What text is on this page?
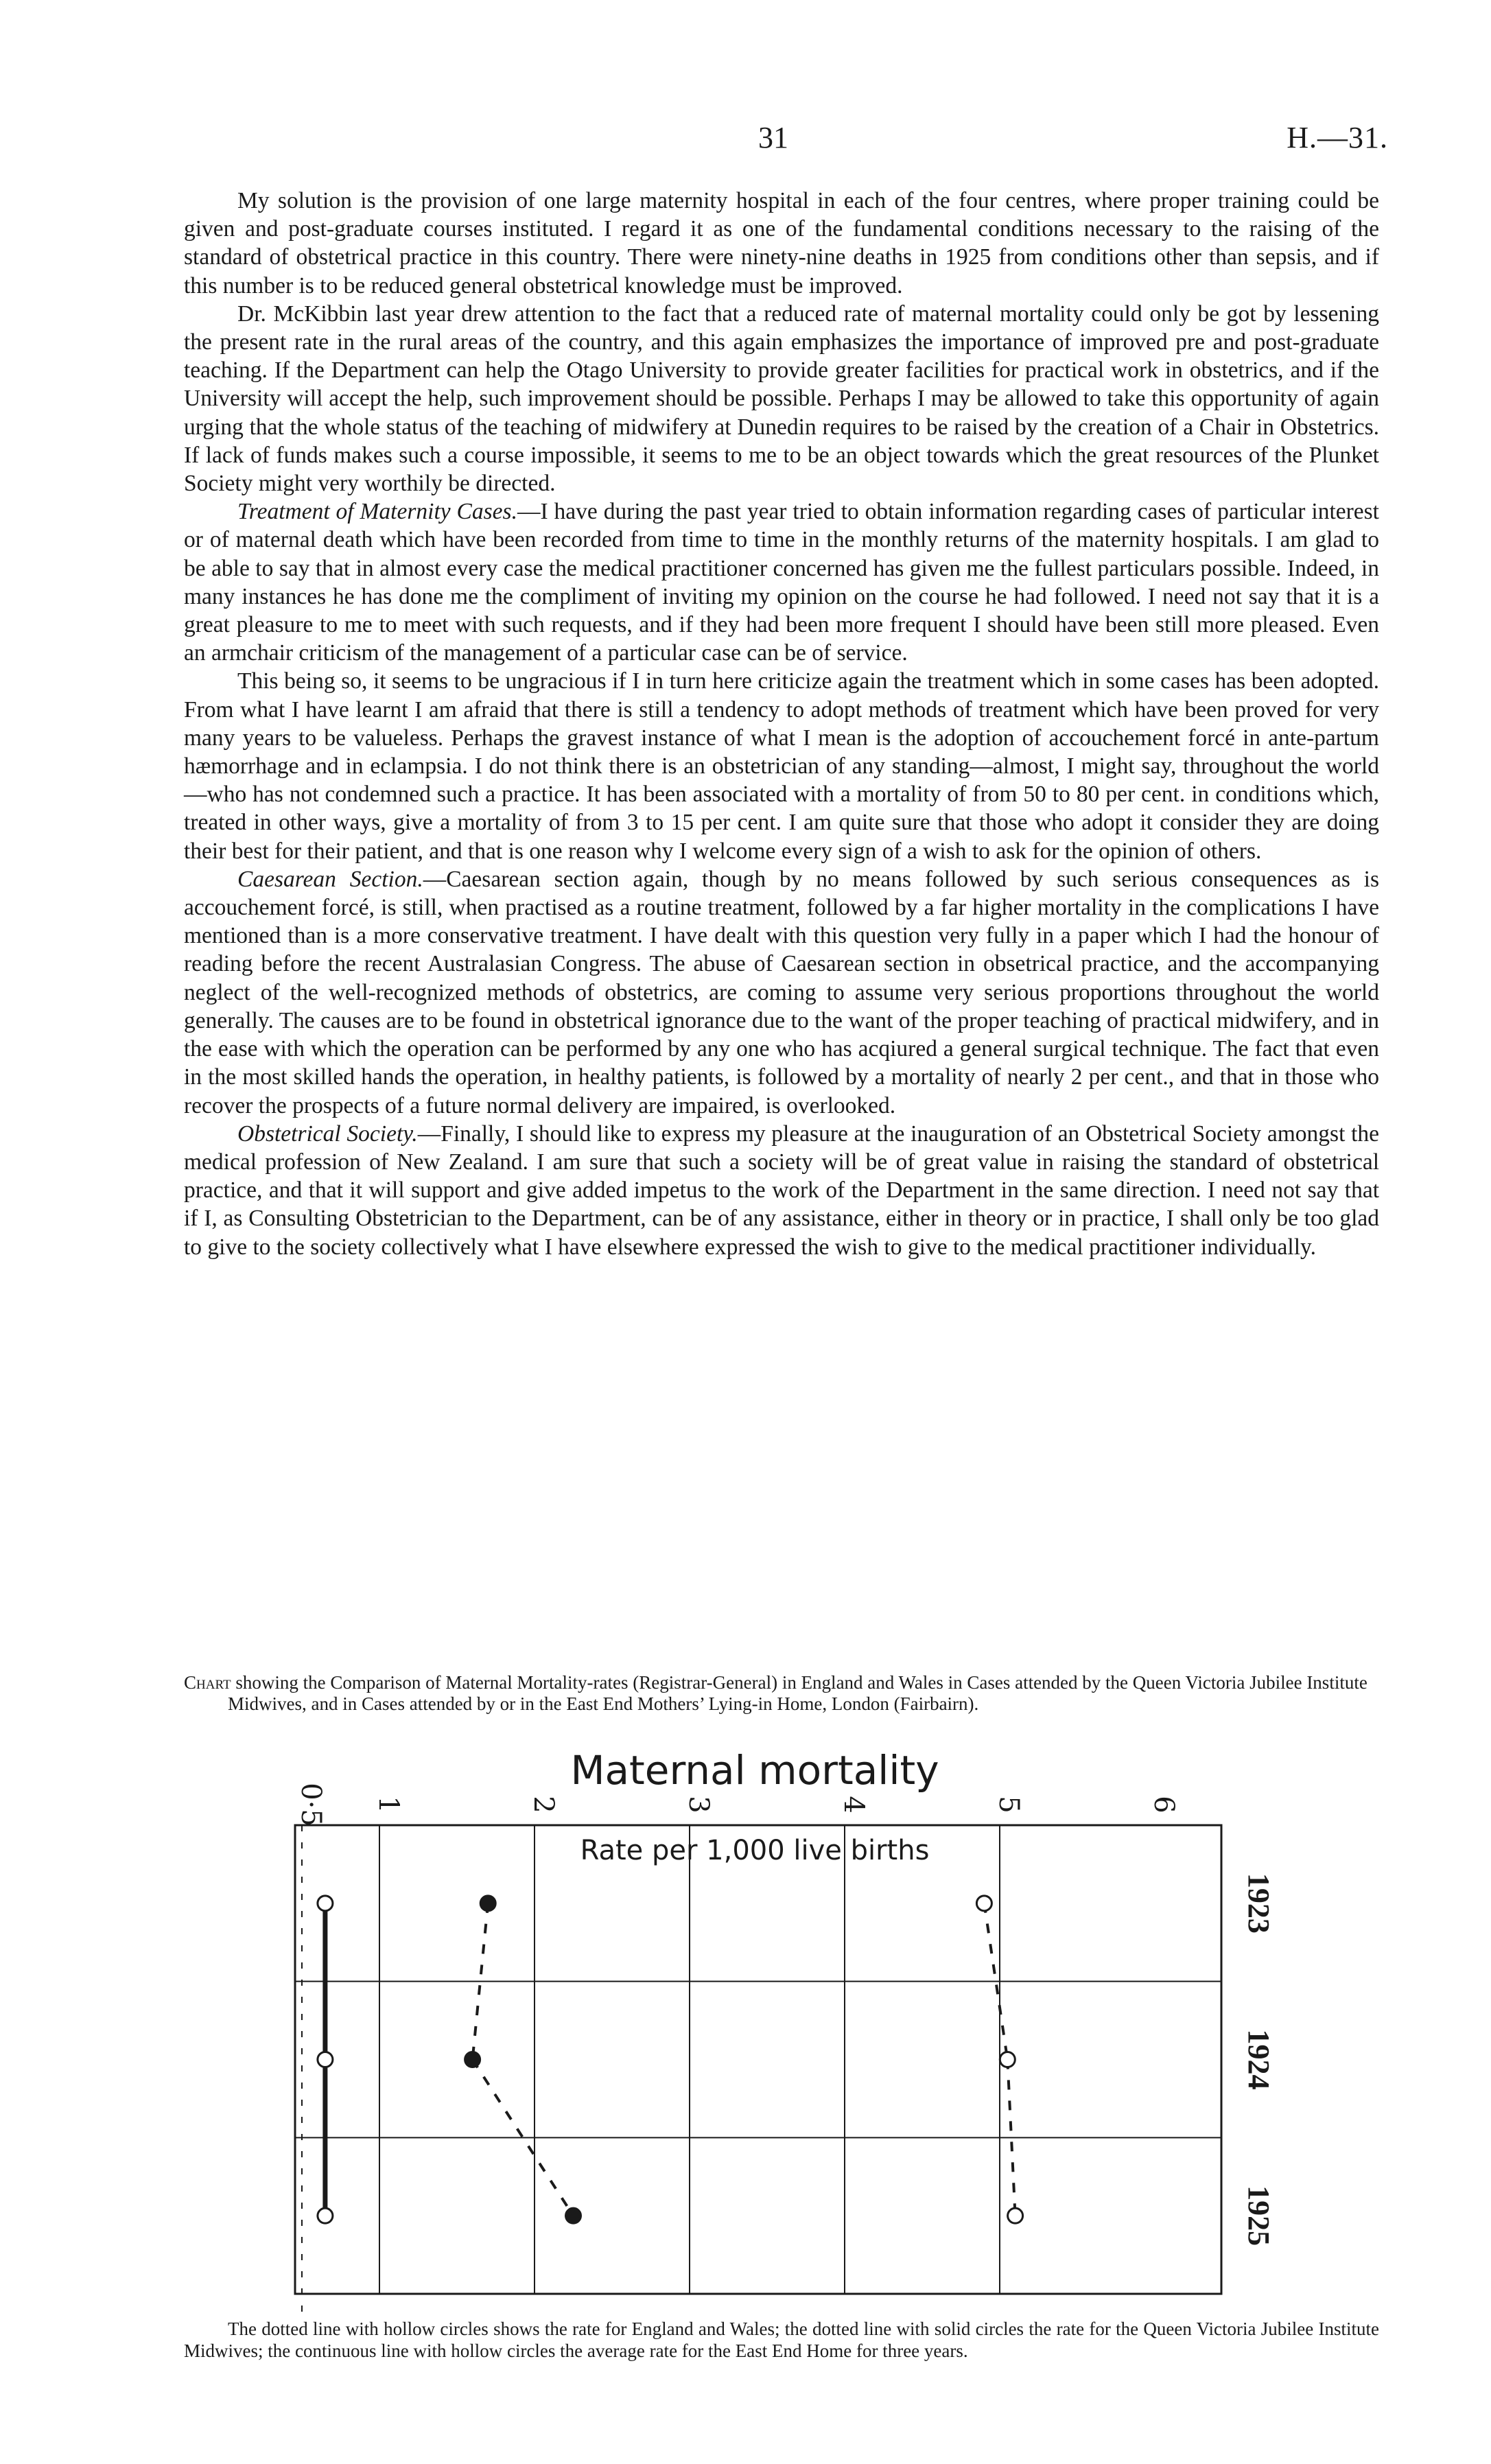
31	H.—31.

My solution is the provision of one large maternity hospital in each of the four centres, where proper training could be given and post-graduate courses instituted. I regard it as one of the fundamental conditions necessary to the raising of the standard of obstetrical practice in this country. There were ninety-nine deaths in 1925 from conditions other than sepsis, and if this number is to be reduced general obstetrical knowledge must be improved.

Dr. McKibbin last year drew attention to the fact that a reduced rate of maternal mortality could only be got by lessening the present rate in the rural areas of the country, and this again emphasizes the importance of improved pre and post-graduate teaching. If the Department can help the Otago University to provide greater facilities for practical work in obstetrics, and if the University will accept the help, such improvement should be possible. Perhaps I may be allowed to take this opportunity of again urging that the whole status of the teaching of midwifery at Dunedin requires to be raised by the creation of a Chair in Obstetrics. If lack of funds makes such a course impossible, it seems to me to be an object towards which the great resources of the Plunket Society might very worthily be directed.

Treatment of Maternity Cases.—I have during the past year tried to obtain information regarding cases of particular interest or of maternal death which have been recorded from time to time in the monthly returns of the maternity hospitals. I am glad to be able to say that in almost every case the medical practitioner concerned has given me the fullest particulars possible. Indeed, in many instances he has done me the compliment of inviting my opinion on the course he had followed. I need not say that it is a great pleasure to me to meet with such requests, and if they had been more frequent I should have been still more pleased. Even an armchair criticism of the management of a particular case can be of service.

This being so, it seems to be ungracious if I in turn here criticize again the treatment which in some cases has been adopted. From what I have learnt I am afraid that there is still a tendency to adopt methods of treatment which have been proved for very many years to be valueless. Perhaps the gravest instance of what I mean is the adoption of accouchement forcé in ante-partum hæmorrhage and in eclampsia. I do not think there is an obstetrician of any standing—almost, I might say, throughout the world—who has not condemned such a practice. It has been associated with a mortality of from 50 to 80 per cent. in conditions which, treated in other ways, give a mortality of from 3 to 15 per cent. I am quite sure that those who adopt it consider they are doing their best for their patient, and that is one reason why I welcome every sign of a wish to ask for the opinion of others.

Caesarean Section.—Caesarean section again, though by no means followed by such serious consequences as is accouchement forcé, is still, when practised as a routine treatment, followed by a far higher mortality in the complications I have mentioned than is a more conservative treatment. I have dealt with this question very fully in a paper which I had the honour of reading before the recent Australasian Congress. The abuse of Caesarean section in obsetrical practice, and the accompanying neglect of the well-recognized methods of obstetrics, are coming to assume very serious proportions throughout the world generally. The causes are to be found in obstetrical ignorance due to the want of the proper teaching of practical midwifery, and in the ease with which the operation can be performed by any one who has acqiured a general surgical technique. The fact that even in the most skilled hands the operation, in healthy patients, is followed by a mortality of nearly 2 per cent., and that in those who recover the prospects of a future normal delivery are impaired, is overlooked.

Obstetrical Society.—Finally, I should like to express my pleasure at the inauguration of an Obstetrical Society amongst the medical profession of New Zealand. I am sure that such a society will be of great value in raising the standard of obstetrical practice, and that it will support and give added impetus to the work of the Department in the same direction. I need not say that if I, as Consulting Obstetrician to the Department, can be of any assistance, either in theory or in practice, I shall only be too glad to give to the society collectively what I have elsewhere expressed the wish to give to the medical practitioner individually.

Chart showing the Comparison of Maternal Mortality-rates (Registrar-General) in England and Wales in Cases attended by the Queen Victoria Jubilee Institute Midwives, and in Cases attended by or in the East End Mothers’ Lying-in Home, London (Fairbairn).
Maternal mortality
Rate per 1,000 live births
0·5 1	2	3	4	5	6
1923
1924
1925

The dotted line with hollow circles shows the rate for England and Wales; the dotted line with solid circles the rate for the Queen Victoria Jubilee Institute Midwives; the continuous line with hollow circles the average rate for the East End Home for three years.
